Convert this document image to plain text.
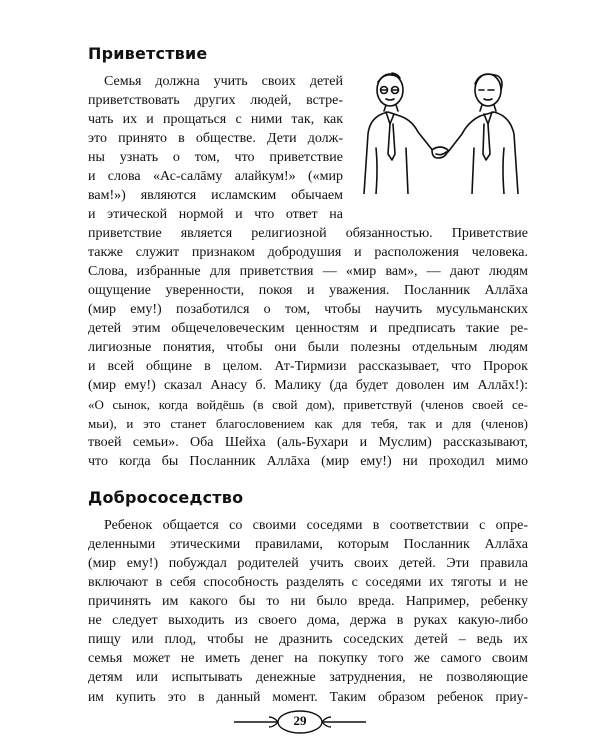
Приветствие
Семья должна учить своих детей
приветствовать других людей, встре-
чать их и прощаться с ними так, как
это принято в обществе. Дети долж-
ны узнать о том, что приветствие
и слова «Ас-салāму алайкум!» («мир
вам!») являются исламским обычаем
и этической нормой и что ответ на
приветствие является религиозной обязанностью. Приветствие
также служит признаком добродушия и расположения человека.
Слова, избранные для приветствия — «мир вам», — дают людям
ощущение уверенности, покоя и уважения. Посланник Аллāха
(мир ему!) позаботился о том, чтобы научить мусульманских
детей этим общечеловеческим ценностям и предписать такие ре-
лигиозные понятия, чтобы они были полезны отдельным людям
и всей общине в целом. Ат-Тирмизи рассказывает, что Пророк
(мир ему!) сказал Анасу б. Малику (да будет доволен им Аллāх!):
«О сынок, когда войдёшь (в свой дом), приветствуй (членов своей се-
мьи), и это станет благословением как для тебя, так и для (членов)
твоей семьи». Оба Шейха (аль-Бухари и Муслим) рассказывают,
что когда бы Посланник Аллāха (мир ему!) ни проходил мимо
Добрососедство
Ребенок общается со своими соседями в соответствии с опре-
деленными этическими правилами, которым Посланник Аллāха
(мир ему!) побуждал родителей учить своих детей. Эти правила
включают в себя способность разделять с соседями их тяготы и не
причинять им какого бы то ни было вреда. Например, ребенку
не следует выходить из своего дома, держа в руках какую-либо
пищу или плод, чтобы не дразнить соседских детей – ведь их
семья может не иметь денег на покупку того же самого своим
детям или испытывать денежные затруднения, не позволяющие
им купить это в данный момент. Таким образом ребенок приу-
29
